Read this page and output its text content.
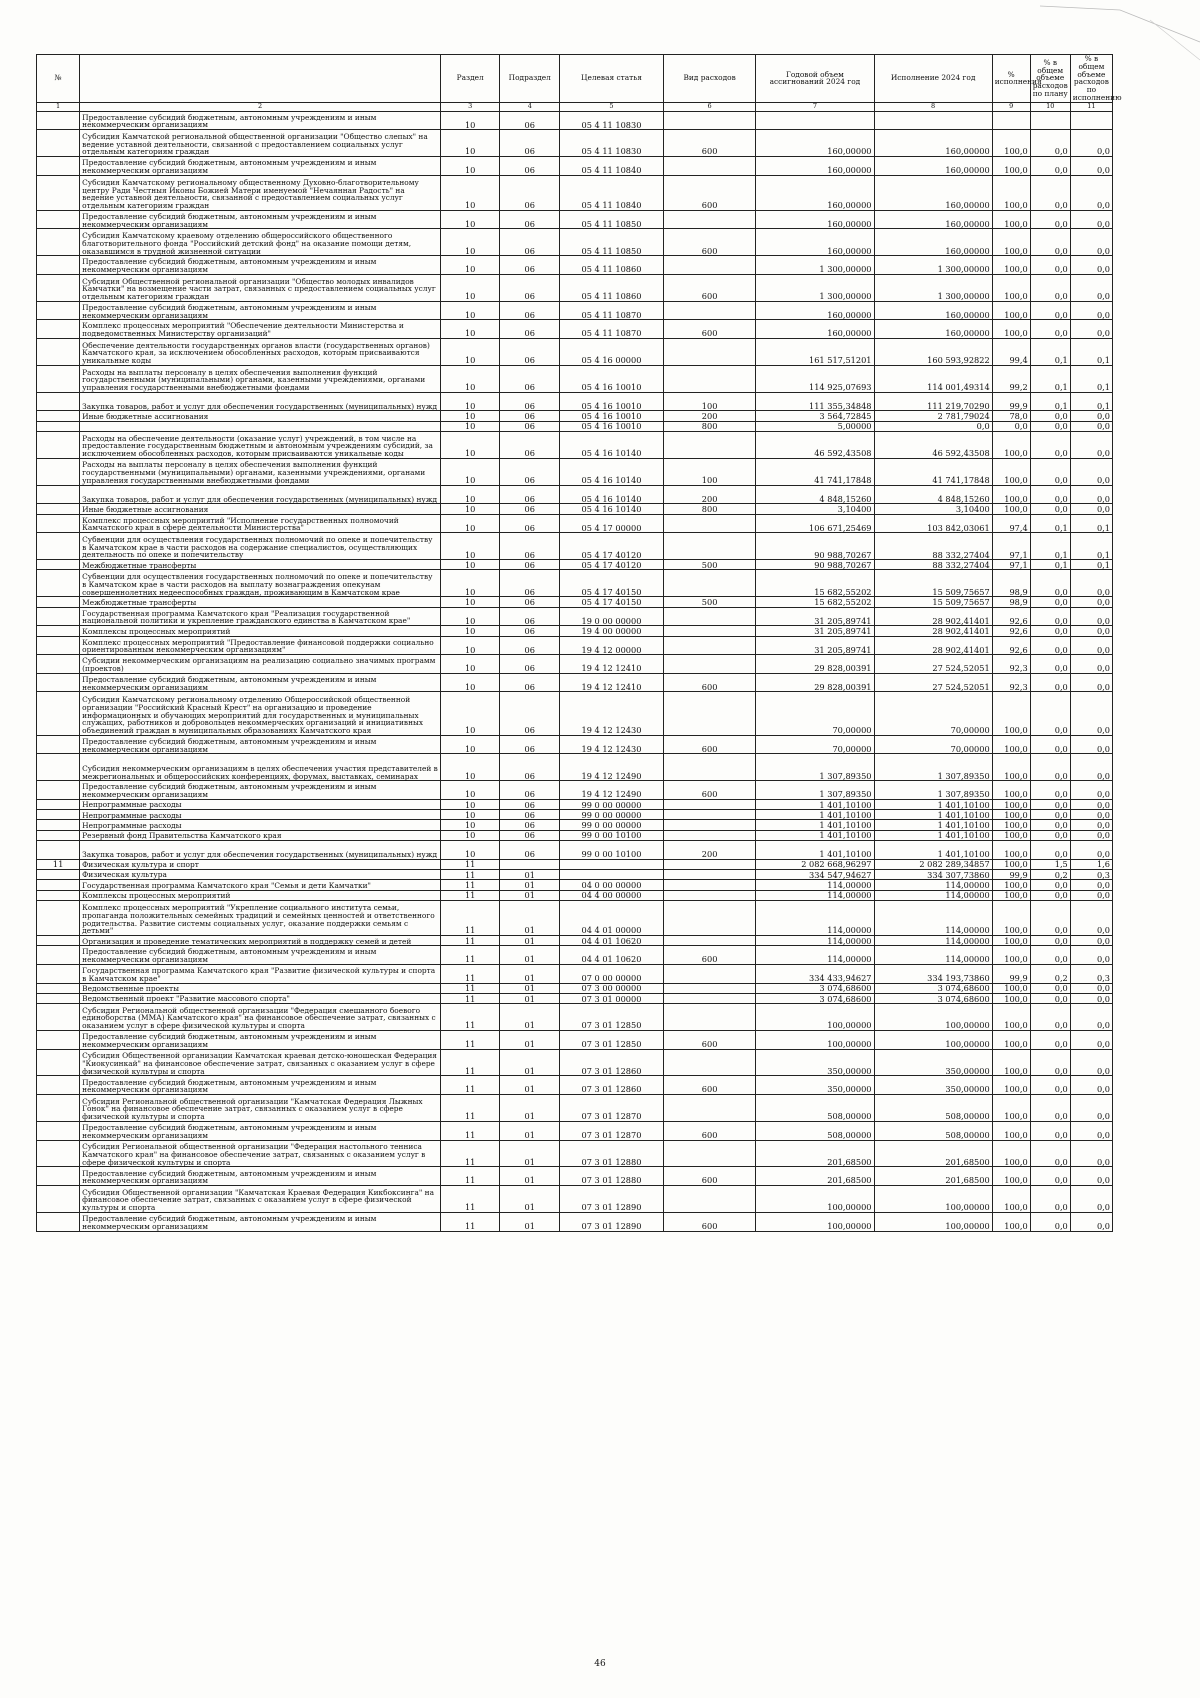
№		Раздел	Подраздел	Целевая статья	Вид расходов	Годовой объем ассигнований 2024 год	Исполнение 2024 год	% исполнения	% в общем объеме расходов по плану	% в общем объеме расходов по исполнению
1	2	3	4	5	6	7	8	9	10	11
	Предоставление субсидий бюджетным, автономным учреждениям и иным некоммерческим организациям	10	06	05 4 11 10830						
	Субсидия Камчатской региональной общественной организации "Общество слепых" на ведение уставной деятельности, связанной с предоставлением социальных услуг отдельным категориям граждан	10	06	05 4 11 10830	600	160,00000	160,00000	100,0	0,0	0,0
	Предоставление субсидий бюджетным, автономным учреждениям и иным некоммерческим организациям	10	06	05 4 11 10840		160,00000	160,00000	100,0	0,0	0,0
	Субсидия Камчатскому региональному общественному Духовно-благотворительному центру Ради Честныя Иконы Божией Матери именуемой "Нечаянная Радость" на ведение уставной деятельности, связанной с предоставлением социальных услуг отдельным категориям граждан	10	06	05 4 11 10840	600	160,00000	160,00000	100,0	0,0	0,0
	Предоставление субсидий бюджетным, автономным учреждениям и иным некоммерческим организациям	10	06	05 4 11 10850		160,00000	160,00000	100,0	0,0	0,0
	Субсидия Камчатскому краевому отделению общероссийского общественного благотворительного фонда "Российский детский фонд" на оказание помощи детям, оказавшимся в трудной жизненной ситуации	10	06	05 4 11 10850	600	160,00000	160,00000	100,0	0,0	0,0
	Предоставление субсидий бюджетным, автономным учреждениям и иным некоммерческим организациям	10	06	05 4 11 10860		1 300,00000	1 300,00000	100,0	0,0	0,0
	Субсидия Общественной региональной организации "Общество молодых инвалидов Камчатки" на возмещение части затрат, связанных с предоставлением социальных услуг отдельным категориям граждан	10	06	05 4 11 10860	600	1 300,00000	1 300,00000	100,0	0,0	0,0
	Предоставление субсидий бюджетным, автономным учреждениям и иным некоммерческим организациям	10	06	05 4 11 10870		160,00000	160,00000	100,0	0,0	0,0
	Комплекс процессных мероприятий "Обеспечение деятельности Министерства и подведомственных Министерству организаций"	10	06	05 4 11 10870	600	160,00000	160,00000	100,0	0,0	0,0
	Обеспечение деятельности государственных органов власти (государственных органов) Камчатского края, за исключением обособленных расходов, которым присваиваются уникальные коды	10	06	05 4 16 00000		161 517,51201	160 593,92822	99,4	0,1	0,1
	Расходы на выплаты персоналу в целях обеспечения выполнения функций государственными (муниципальными) органами, казенными учреждениями, органами управления государственными внебюджетными фондами	10	06	05 4 16 10010		114 925,07693	114 001,49314	99,2	0,1	0,1
	Закупка товаров, работ и услуг для обеспечения государственных (муниципальных) нужд	10	06	05 4 16 10010	100	111 355,34848	111 219,70290	99,9	0,1	0,1
	Иные бюджетные ассигнования	10	06	05 4 16 10010	200	3 564,72845	2 781,79024	78,0	0,0	0,0
		10	06	05 4 16 10010	800	5,00000	0,0	0,0	0,0	0,0
	Расходы на обеспечение деятельности (оказание услуг) учреждений, в том числе на предоставление государственным бюджетным и автономным учреждениям субсидий, за исключением обособленных расходов, которым присваиваются уникальные коды	10	06	05 4 16 10140		46 592,43508	46 592,43508	100,0	0,0	0,0
	Расходы на выплаты персоналу в целях обеспечения выполнения функций государственными (муниципальными) органами, казенными учреждениями, органами управления государственными внебюджетными фондами	10	06	05 4 16 10140	100	41 741,17848	41 741,17848	100,0	0,0	0,0
	Закупка товаров, работ и услуг для обеспечения государственных (муниципальных) нужд	10	06	05 4 16 10140	200	4 848,15260	4 848,15260	100,0	0,0	0,0
	Иные бюджетные ассигнования	10	06	05 4 16 10140	800	3,10400	3,10400	100,0	0,0	0,0
	Комплекс процессных мероприятий "Исполнение государственных полномочий Камчатского края в сфере деятельности Министерства"	10	06	05 4 17 00000		106 671,25469	103 842,03061	97,4	0,1	0,1
	Субвенции для осуществления государственных полномочий по опеке и попечительству в Камчатском крае в части расходов на содержание специалистов, осуществляющих деятельность по опеке и попечительству	10	06	05 4 17 40120		90 988,70267	88 332,27404	97,1	0,1	0,1
	Межбюджетные трансферты	10	06	05 4 17 40120	500	90 988,70267	88 332,27404	97,1	0,1	0,1
	Субвенции для осуществления государственных полномочий по опеке и попечительству в Камчатском крае в части расходов на выплату вознаграждения опекунам совершеннолетних недееспособных граждан, проживающим в Камчатском крае	10	06	05 4 17 40150		15 682,55202	15 509,75657	98,9	0,0	0,0
	Межбюджетные трансферты	10	06	05 4 17 40150	500	15 682,55202	15 509,75657	98,9	0,0	0,0
	Государственная программа Камчатского края "Реализация государственной национальной политики и укрепление гражданского единства в Камчатском крае"	10	06	19 0 00 00000		31 205,89741	28 902,41401	92,6	0,0	0,0
	Комплексы процессных мероприятий	10	06	19 4 00 00000		31 205,89741	28 902,41401	92,6	0,0	0,0
	Комплекс процессных мероприятий "Предоставление финансовой поддержки социально ориентированным некоммерческим организациям"	10	06	19 4 12 00000		31 205,89741	28 902,41401	92,6	0,0	0,0
	Субсидии некоммерческим организациям на реализацию социально значимых программ (проектов)	10	06	19 4 12 12410		29 828,00391	27 524,52051	92,3	0,0	0,0
	Предоставление субсидий бюджетным, автономным учреждениям и иным некоммерческим организациям	10	06	19 4 12 12410	600	29 828,00391	27 524,52051	92,3	0,0	0,0
	Субсидия Камчатскому региональному отделению Общероссийской общественной организации "Российский Красный Крест" на организацию и проведение информационных и обучающих мероприятий для государственных и муниципальных служащих, работников и добровольцев некоммерческих организаций и инициативных объединений граждан в муниципальных образованиях Камчатского края	10	06	19 4 12 12430		70,00000	70,00000	100,0	0,0	0,0
	Предоставление субсидий бюджетным, автономным учреждениям и иным некоммерческим организациям	10	06	19 4 12 12430	600	70,00000	70,00000	100,0	0,0	0,0
	Субсидия некоммерческим организациям в целях обеспечения участия представителей в межрегиональных и общероссийских конференциях, форумах, выставках, семинарах	10	06	19 4 12 12490		1 307,89350	1 307,89350	100,0	0,0	0,0
	Предоставление субсидий бюджетным, автономным учреждениям и иным некоммерческим организациям	10	06	19 4 12 12490	600	1 307,89350	1 307,89350	100,0	0,0	0,0
	Непрограммные расходы	10	06	99 0 00 00000		1 401,10100	1 401,10100	100,0	0,0	0,0
	Непрограммные расходы	10	06	99 0 00 00000		1 401,10100	1 401,10100	100,0	0,0	0,0
	Непрограммные расходы	10	06	99 0 00 00000		1 401,10100	1 401,10100	100,0	0,0	0,0
	Резервный фонд Правительства Камчатского края	10	06	99 0 00 10100		1 401,10100	1 401,10100	100,0	0,0	0,0
	Закупка товаров, работ и услуг для обеспечения государственных (муниципальных) нужд	10	06	99 0 00 10100	200	1 401,10100	1 401,10100	100,0	0,0	0,0
11	Физическая культура и спорт	11				2 082 668,96297	2 082 289,34857	100,0	1,5	1,6
	Физическая культура	11	01			334 547,94627	334 307,73860	99,9	0,2	0,3
	Государственная программа Камчатского края "Семья и дети Камчатки"	11	01	04 0 00 00000		114,00000	114,00000	100,0	0,0	0,0
	Комплексы процессных мероприятий	11	01	04 4 00 00000		114,00000	114,00000	100,0	0,0	0,0
	Комплекс процессных мероприятий "Укрепление социального института семьи, пропаганда положительных семейных традиций и семейных ценностей и ответственного родительства. Развитие системы социальных услуг, оказание поддержки семьям с детьми"	11	01	04 4 01 00000		114,00000	114,00000	100,0	0,0	0,0
	Организация и проведение тематических мероприятий в поддержку семей и детей	11	01	04 4 01 10620		114,00000	114,00000	100,0	0,0	0,0
	Предоставление субсидий бюджетным, автономным учреждениям и иным некоммерческим организациям	11	01	04 4 01 10620	600	114,00000	114,00000	100,0	0,0	0,0
	Государственная программа Камчатского края "Развитие физической культуры и спорта в Камчатском крае"	11	01	07 0 00 00000		334 433,94627	334 193,73860	99,9	0,2	0,3
	Ведомственные проекты	11	01	07 3 00 00000		3 074,68600	3 074,68600	100,0	0,0	0,0
	Ведомственный проект "Развитие массового спорта"	11	01	07 3 01 00000		3 074,68600	3 074,68600	100,0	0,0	0,0
	Субсидия Региональной общественной организации "Федерация смешанного боевого единоборства (ММА) Камчатского края" на финансовое обеспечение затрат, связанных с оказанием услуг в сфере физической культуры и спорта	11	01	07 3 01 12850		100,00000	100,00000	100,0	0,0	0,0
	Предоставление субсидий бюджетным, автономным учреждениям и иным некоммерческим организациям	11	01	07 3 01 12850	600	100,00000	100,00000	100,0	0,0	0,0
	Субсидия Общественной организации Камчатская краевая детско-юношеская Федерация "Киокусинкай" на финансовое обеспечение затрат, связанных с оказанием услуг в сфере физической культуры и спорта	11	01	07 3 01 12860		350,00000	350,00000	100,0	0,0	0,0
	Предоставление субсидий бюджетным, автономным учреждениям и иным некоммерческим организациям	11	01	07 3 01 12860	600	350,00000	350,00000	100,0	0,0	0,0
	Субсидия Региональной общественной организации "Камчатская Федерация Лыжных Гонок" на финансовое обеспечение затрат, связанных с оказанием услуг в сфере физической культуры и спорта	11	01	07 3 01 12870		508,00000	508,00000	100,0	0,0	0,0
	Предоставление субсидий бюджетным, автономным учреждениям и иным некоммерческим организациям	11	01	07 3 01 12870	600	508,00000	508,00000	100,0	0,0	0,0
	Субсидия Региональной общественной организации "Федерация настольного тенниса Камчатского края" на финансовое обеспечение затрат, связанных с оказанием услуг в сфере физической культуры и спорта	11	01	07 3 01 12880		201,68500	201,68500	100,0	0,0	0,0
	Предоставление субсидий бюджетным, автономным учреждениям и иным некоммерческим организациям	11	01	07 3 01 12880	600	201,68500	201,68500	100,0	0,0	0,0
	Субсидия Общественной организации "Камчатская Краевая Федерация Кикбоксинга" на финансовое обеспечение затрат, связанных с оказанием услуг в сфере физической культуры и спорта	11	01	07 3 01 12890		100,00000	100,00000	100,0	0,0	0,0
	Предоставление субсидий бюджетным, автономным учреждениям и иным некоммерческим организациям	11	01	07 3 01 12890	600	100,00000	100,00000	100,0	0,0	0,0
46
